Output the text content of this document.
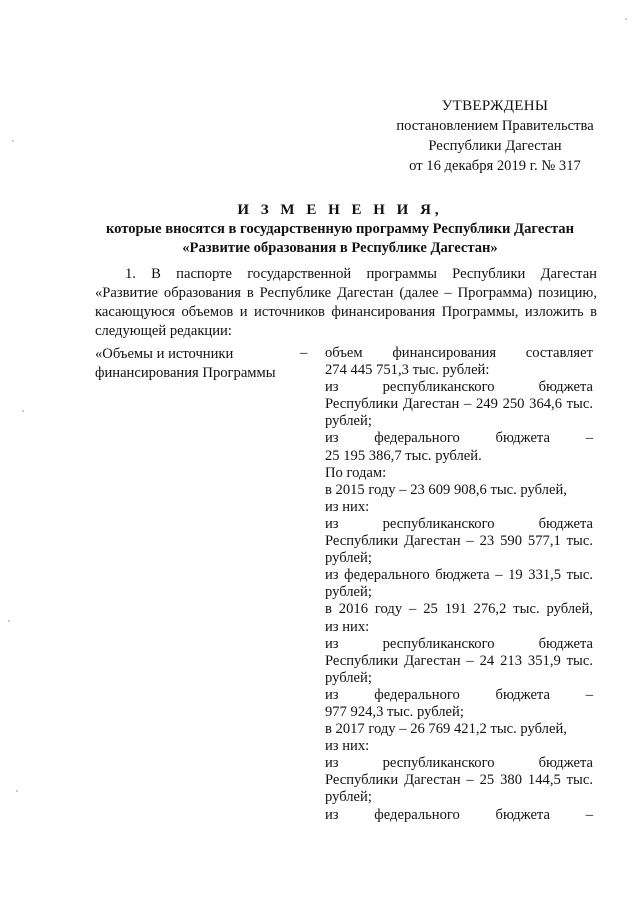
УТВЕРЖДЕНЫ
постановлением Правительства
Республики Дагестан
от 16 декабря 2019 г. № 317
И З М Е Н Е Н И Я,
которые вносятся в государственную программу Республики Дагестан
«Развитие образования в Республике Дагестан»
1. В паспорте государственной программы Республики Дагестан
«Развитие образования в Республике Дагестан (далее – Программа) позицию,
касающуюся объемов и источников финансирования Программы, изложить в
следующей редакции:
«Объемы и источники
финансирования Программы
– объем финансирования составляет
274 445 751,3 тыс. рублей:
из республиканского бюджета
Республики Дагестан – 249 250 364,6 тыс.
рублей;
из федерального бюджета –
25 195 386,7 тыс. рублей.
По годам:
в 2015 году – 23 609 908,6 тыс. рублей,
из них:
из республиканского бюджета
Республики Дагестан – 23 590 577,1 тыс.
рублей;
из федерального бюджета – 19 331,5 тыс.
рублей;
в 2016 году – 25 191 276,2 тыс. рублей,
из них:
из республиканского бюджета
Республики Дагестан – 24 213 351,9 тыс.
рублей;
из федерального бюджета –
977 924,3 тыс. рублей;
в 2017 году – 26 769 421,2 тыс. рублей,
из них:
из республиканского бюджета
Республики Дагестан – 25 380 144,5 тыс.
рублей;
из федерального бюджета –
